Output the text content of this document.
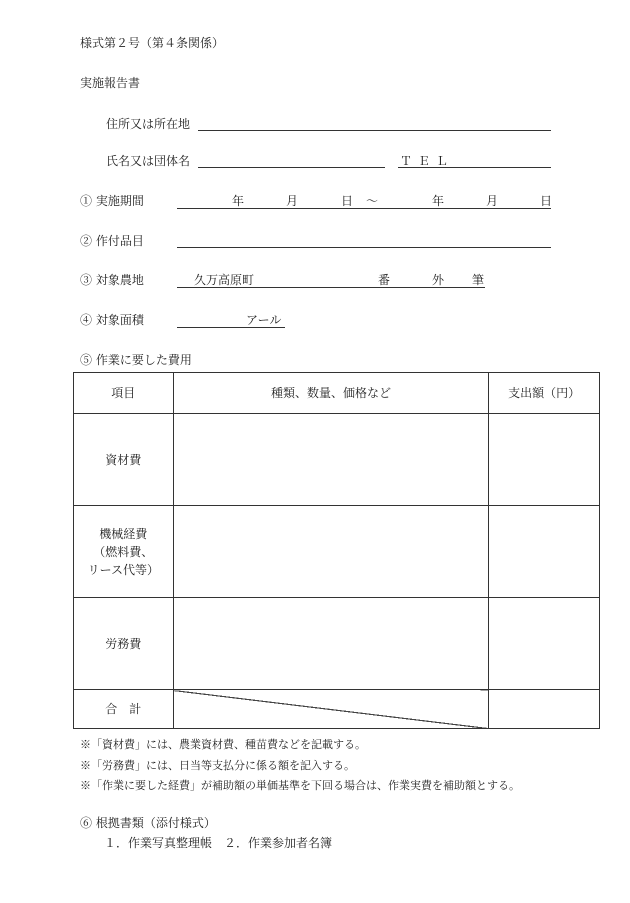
様式第２号（第４条関係）
実施報告書
住所又は所在地
氏名又は団体名	ＴＥＬ
① 実施期間	年	月	日 ～	年	月	日
② 作付品目
③ 対象農地	久万高原町	番	外 筆
④ 対象面積	アール
⑤ 作業に要した費用
項目	種類、数量、価格など	支出額（円）
資材費		

機械経費
（燃料費、
リース代等）		

労務費		
合　計		
※「資材費」には、農業資材費、種苗費などを記載する。
※「労務費」には、日当等支払分に係る額を記入する。
※「作業に要した経費」が補助額の単価基準を下回る場合は、作業実費を補助額とする。
⑥ 根拠書類（添付様式）
１．作業写真整理帳　２．作業参加者名簿
